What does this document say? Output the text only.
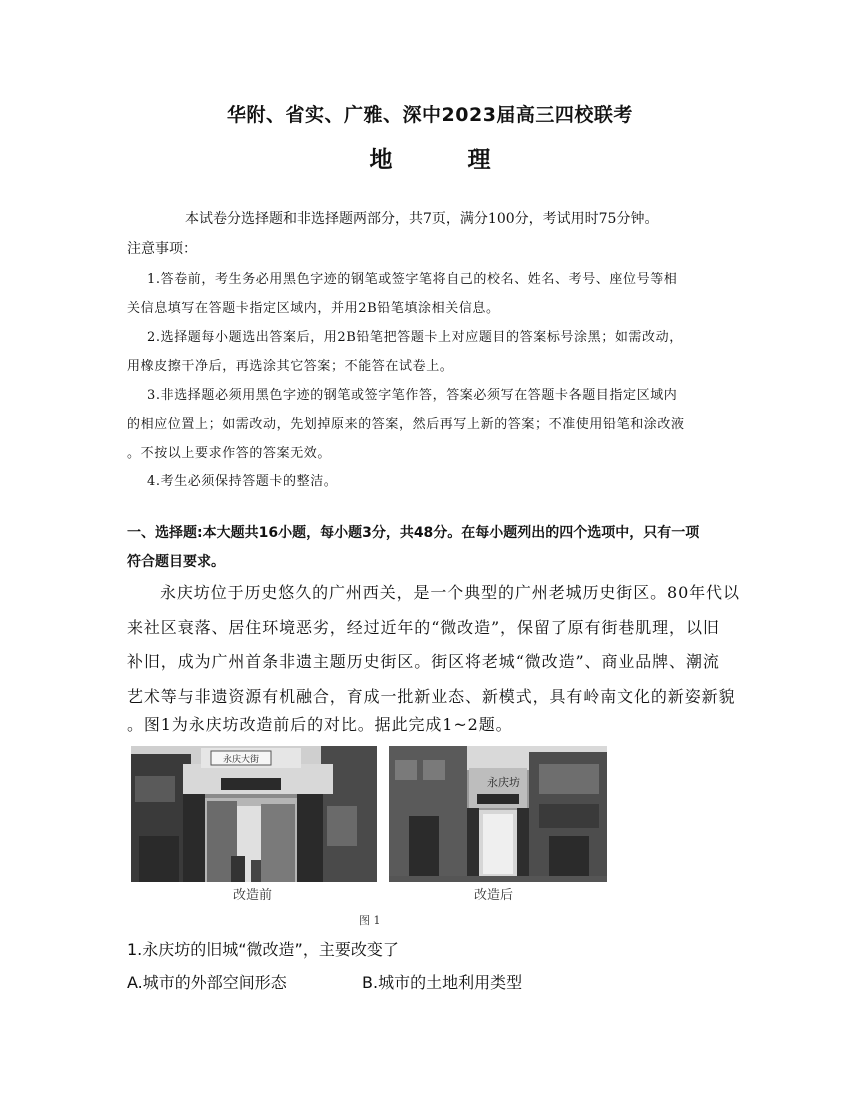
华附、省实、广雅、深中2023届高三四校联考
地　理
本试卷分选择题和非选择题两部分，共7页，满分100分，考试用时75分钟。
注意事项：
1.答卷前，考生务必用黑色字迹的钢笔或签字笔将自己的校名、姓名、考号、座位号等相
关信息填写在答题卡指定区域内，并用2B铅笔填涂相关信息。
2.选择题每小题选出答案后，用2B铅笔把答题卡上对应题目的答案标号涂黑；如需改动，
用橡皮擦干净后，再选涂其它答案；不能答在试卷上。
3.非选择题必须用黑色字迹的钢笔或签字笔作答，答案必须写在答题卡各题目指定区域内
的相应位置上；如需改动，先划掉原来的答案，然后再写上新的答案；不准使用铅笔和涂改液
。不按以上要求作答的答案无效。
4.考生必须保持答题卡的整洁。
一、选择题:本大题共16小题，每小题3分，共48分。在每小题列出的四个选项中，只有一项
符合题目要求。
永庆坊位于历史悠久的广州西关，是一个典型的广州老城历史街区。80年代以
来社区衰落、居住环境恶劣，经过近年的“微改造”，保留了原有街巷肌理，以旧
补旧，成为广州首条非遗主题历史街区。街区将老城“微改造”、商业品牌、潮流
艺术等与非遗资源有机融合，育成一批新业态、新模式，具有岭南文化的新姿新貌
。图1为永庆坊改造前后的对比。据此完成1~2题。
永庆大街
永庆坊
改造前	改造后
图 1
1.永庆坊的旧城“微改造”，主要改变了
A.城市的外部空间形态	B.城市的土地利用类型
